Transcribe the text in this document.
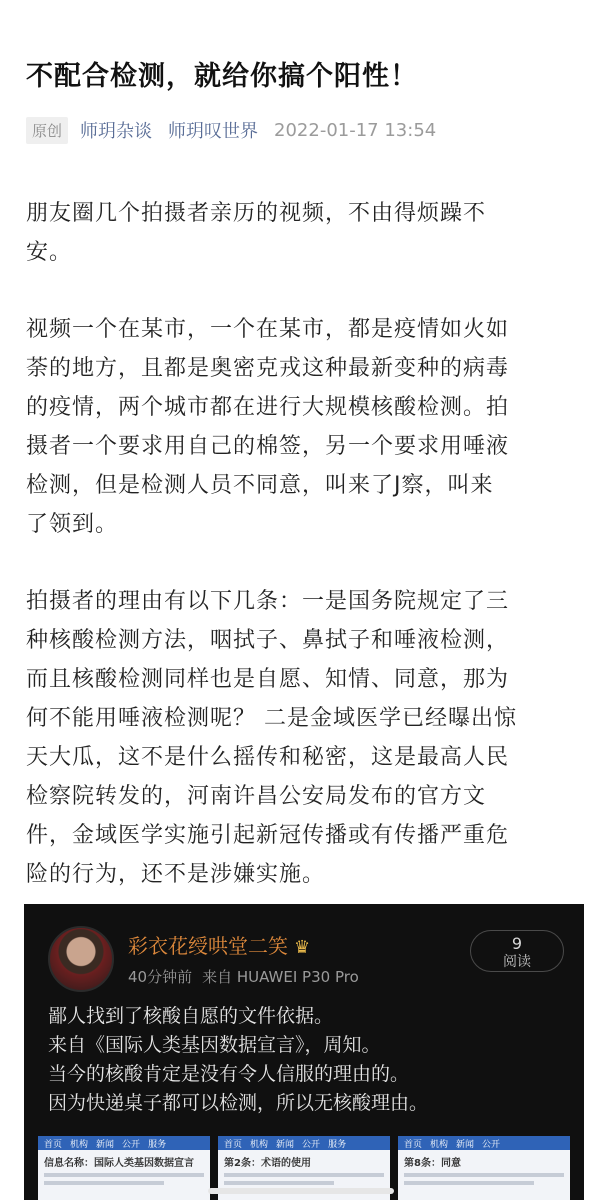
不配合检测，就给你搞个阳性！
原创	师玥杂谈 师玥叹世界 2022-01-17 13:54
朋友圈几个拍摄者亲历的视频，不由得烦躁不
安。
视频一个在某市，一个在某市，都是疫情如火如
荼的地方，且都是奥密克戎这种最新变种的病毒
的疫情，两个城市都在进行大规模核酸检测。拍
摄者一个要求用自己的棉签，另一个要求用唾液
检测，但是检测人员不同意，叫来了J察，叫来
了领到。
拍摄者的理由有以下几条：一是国务院规定了三
种核酸检测方法，咽拭子、鼻拭子和唾液检测，
而且核酸检测同样也是自愿、知情、同意，那为
何不能用唾液检测呢？ 二是金域医学已经曝出惊
天大瓜，这不是什么摇传和秘密，这是最高人民
检察院转发的，河南许昌公安局发布的官方文
件，金域医学实施引起新冠传播或有传播严重危
险的行为，还不是涉嫌实施。
彩衣花绶哄堂二笑 ♛
40分钟前 来自 HUAWEI P30 Pro
9
阅读
鄙人找到了核酸自愿的文件依据。
来自《国际人类基因数据宣言》，周知。
当今的核酸肯定是没有令人信服的理由的。
因为快递桌子都可以检测，所以无核酸理由。
首页 机构 新闻 公开 服务
信息名称：国际人类基因数据宣言
首页 机构 新闻 公开 服务
第2条：术语的使用
首页 机构 新闻 公开
第8条：同意
